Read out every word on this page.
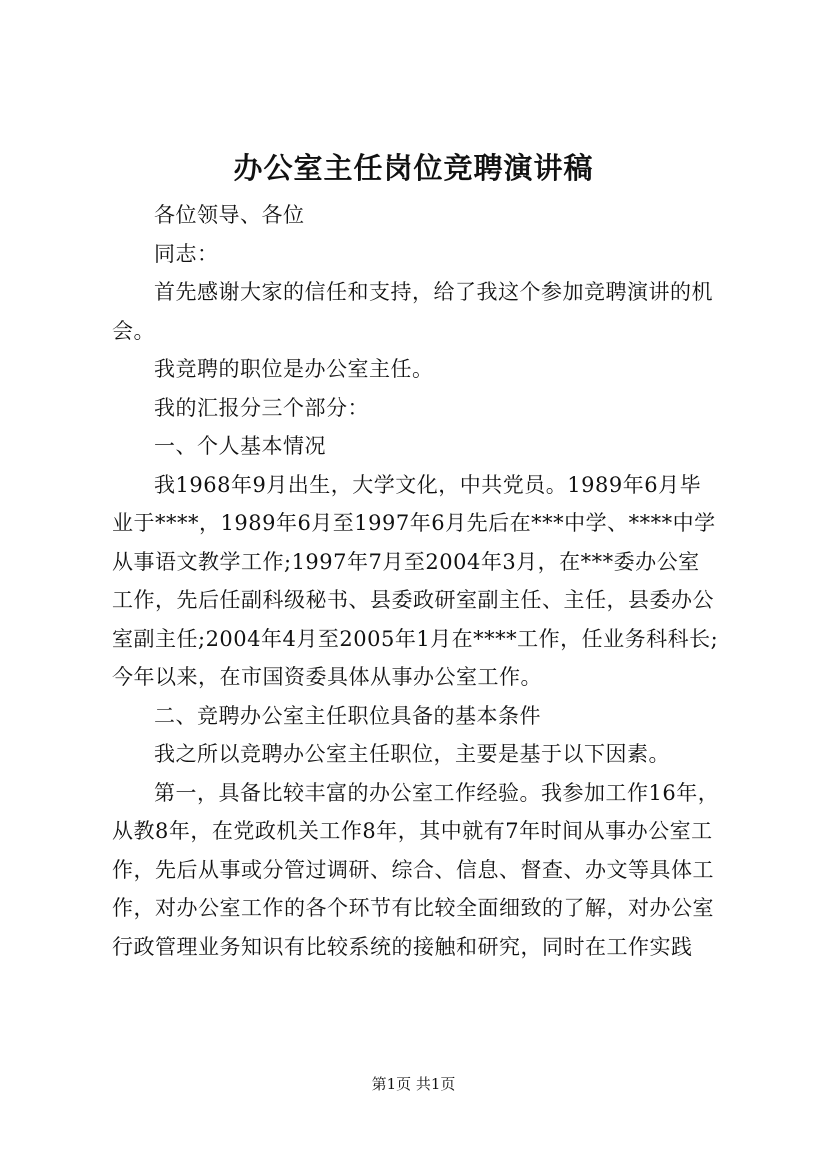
办公室主任岗位竞聘演讲稿

各位领导、各位

同志：

首先感谢大家的信任和支持，给了我这个参加竞聘演讲的机会。

我竞聘的职位是办公室主任。

我的汇报分三个部分：

一、个人基本情况

我1968年9月出生，大学文化，中共党员。1989年6月毕业于****，1989年6月至1997年6月先后在***中学、****中学从事语文教学工作;1997年7月至2004年3月，在***委办公室工作，先后任副科级秘书、县委政研室副主任、主任，县委办公室副主任;2004年4月至2005年1月在****工作，任业务科科长;今年以来，在市国资委具体从事办公室工作。

二、竞聘办公室主任职位具备的基本条件

我之所以竞聘办公室主任职位，主要是基于以下因素。

第一，具备比较丰富的办公室工作经验。我参加工作16年，从教8年，在党政机关工作8年，其中就有7年时间从事办公室工作，先后从事或分管过调研、综合、信息、督查、办文等具体工作，对办公室工作的各个环节有比较全面细致的了解，对办公室行政管理业务知识有比较系统的接触和研究，同时在工作实践

第1页 共1页
